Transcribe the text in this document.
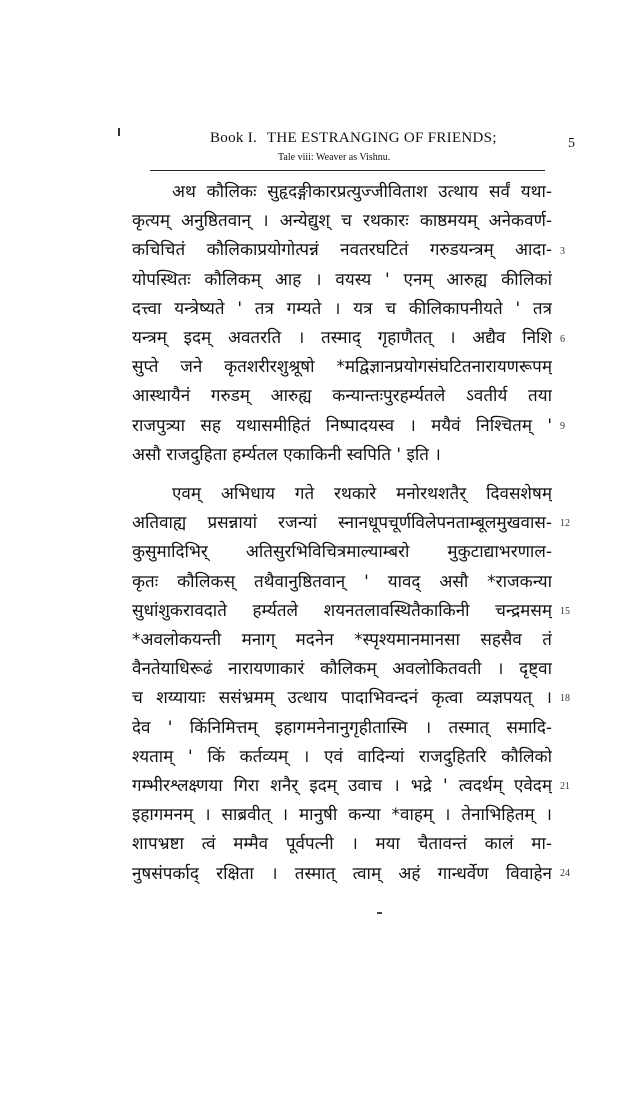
Book I. THE ESTRANGING OF FRIENDS;
Tale viii: Weaver as Vishnu.
5
अथ कौलिकः सुहृदङ्गीकारप्रत्युज्जीविताश उत्थाय सर्वं यथा-
कृत्यम् अनुष्ठितवान् । अन्येद्युश् च रथकारः काष्ठमयम् अनेकवर्ण-
कचिचितं कौलिकाप्रयोगोत्पन्नं नवतरघटितं गरुडयन्त्रम् आदा-
योपस्थितः कौलिकम् आह । वयस्य ' एनम् आरुह्य कीलिकां
दत्त्वा यन्त्रेष्यते ' तत्र गम्यते । यत्र च कीलिकापनीयते ' तत्र
यन्त्रम् इदम् अवतरति । तस्माद् गृहाणैतत् । अद्यैव निशि
सुप्ते जने कृतशरीरशुश्रूषो *मद्विज्ञानप्रयोगसंघटितनारायणरूपम्
आस्थायैनं गरुडम् आरुह्य कन्यान्तःपुरहर्म्यतले ऽवतीर्य तया
राजपुत्र्या सह यथासमीहितं निष्पादयस्व । मयैवं निश्चितम् '
असौ राजदुहिता हर्म्यतल एकाकिनी स्वपिति ' इति ।
एवम् अभिधाय गते रथकारे मनोरथशतैर् दिवसशेषम्
अतिवाह्य प्रसन्नायां रजन्यां स्नानधूपचूर्णविलेपनताम्बूलमुखवास-
कुसुमादिभिर् अतिसुरभिविचित्रमाल्याम्बरो मुकुटाद्याभरणाल-
कृतः कौलिकस् तथैवानुष्ठितवान् ' यावद् असौ *राजकन्या
सुधांशुकरावदाते हर्म्यतले शयनतलावस्थितैकाकिनी चन्द्रमसम्
*अवलोकयन्ती मनाग् मदनेन *स्पृश्यमानमानसा सहसैव तं
वैनतेयाधिरूढं नारायणाकारं कौलिकम् अवलोकितवती । दृष्ट्वा
च शय्यायाः ससंभ्रमम् उत्थाय पादाभिवन्दनं कृत्वा व्यज्ञपयत् ।
देव ' किंनिमित्तम् इहागमनेनानुगृहीतास्मि । तस्मात् समादि-
श्यताम् ' किं कर्तव्यम् । एवं वादिन्यां राजदुहितरि कौलिको
गम्भीरश्लक्ष्णया गिरा शनैर् इदम् उवाच । भद्रे ' त्वदर्थम् एवेदम्
इहागमनम् । साब्रवीत् । मानुषी कन्या *वाहम् । तेनाभिहितम् ।
शापभ्रष्टा त्वं मम्मैव पूर्वपत्नी । मया चैतावन्तं कालं मा-
नुषसंपर्काद् रक्षिता । तस्मात् त्वाम् अहं गान्धर्वेण विवाहेन
3
6
9
12
15
18
21
24
